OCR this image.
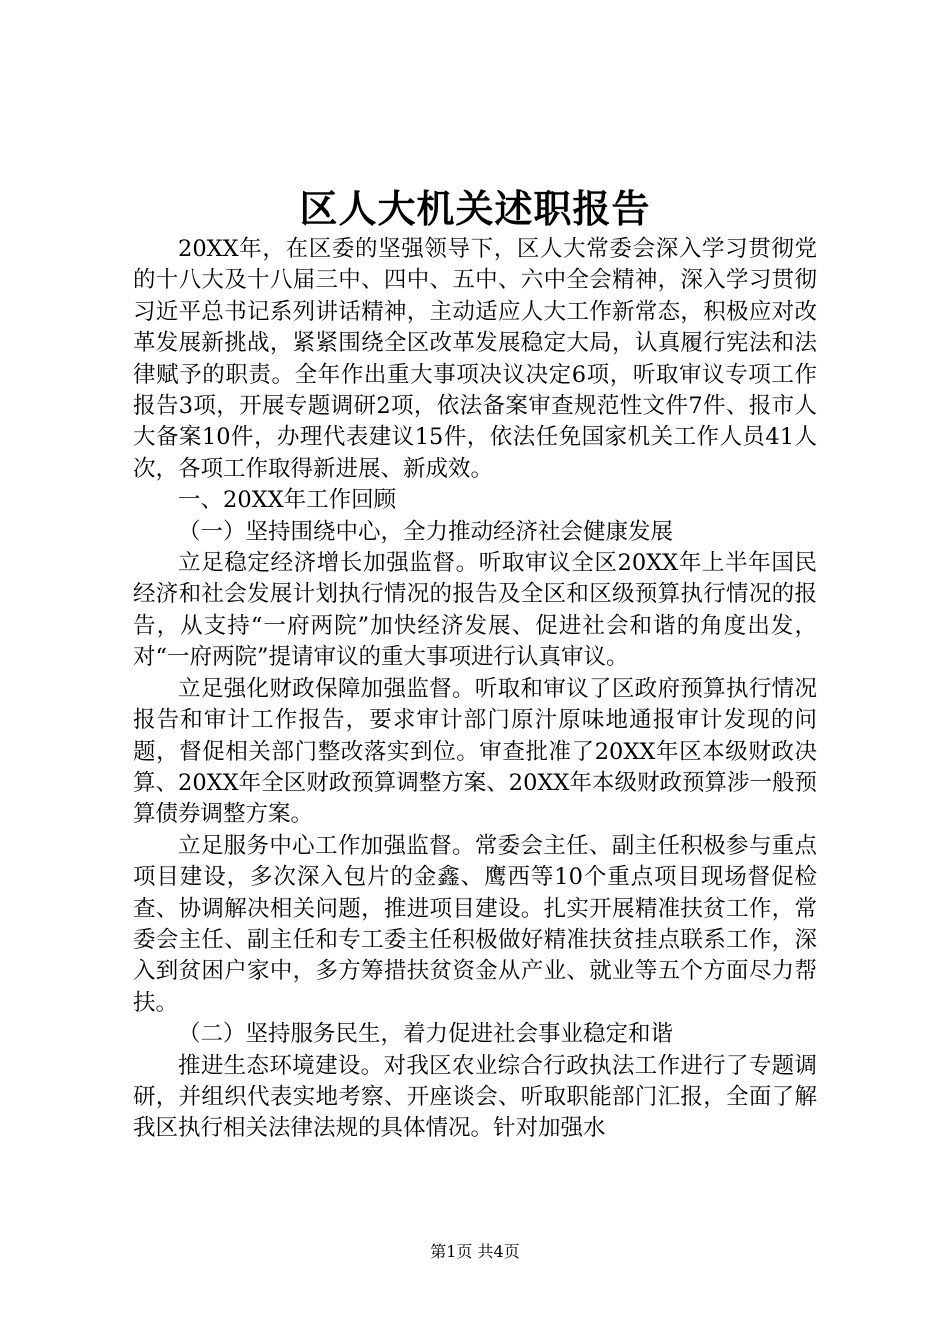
区人大机关述职报告

20XX年，在区委的坚强领导下，区人大常委会深入学习贯彻党的十八大及十八届三中、四中、五中、六中全会精神，深入学习贯彻习近平总书记系列讲话精神，主动适应人大工作新常态，积极应对改革发展新挑战，紧紧围绕全区改革发展稳定大局，认真履行宪法和法律赋予的职责。全年作出重大事项决议决定6项，听取审议专项工作报告3项，开展专题调研2项，依法备案审查规范性文件7件、报市人大备案10件，办理代表建议15件，依法任免国家机关工作人员41人次，各项工作取得新进展、新成效。

一、20XX年工作回顾

（一）坚持围绕中心，全力推动经济社会健康发展

立足稳定经济增长加强监督。听取审议全区20XX年上半年国民经济和社会发展计划执行情况的报告及全区和区级预算执行情况的报告，从支持“一府两院”加快经济发展、促进社会和谐的角度出发，对“一府两院”提请审议的重大事项进行认真审议。

立足强化财政保障加强监督。听取和审议了区政府预算执行情况报告和审计工作报告，要求审计部门原汁原味地通报审计发现的问题，督促相关部门整改落实到位。审查批准了20XX年区本级财政决算、20XX年全区财政预算调整方案、20XX年本级财政预算涉一般预算债券调整方案。

立足服务中心工作加强监督。常委会主任、副主任积极参与重点项目建设，多次深入包片的金鑫、鹰西等10个重点项目现场督促检查、协调解决相关问题，推进项目建设。扎实开展精准扶贫工作，常委会主任、副主任和专工委主任积极做好精准扶贫挂点联系工作，深入到贫困户家中，多方筹措扶贫资金从产业、就业等五个方面尽力帮扶。

（二）坚持服务民生，着力促进社会事业稳定和谐

推进生态环境建设。对我区农业综合行政执法工作进行了专题调研，并组织代表实地考察、开座谈会、听取职能部门汇报，全面了解我区执行相关法律法规的具体情况。针对加强水

第1页 共4页
